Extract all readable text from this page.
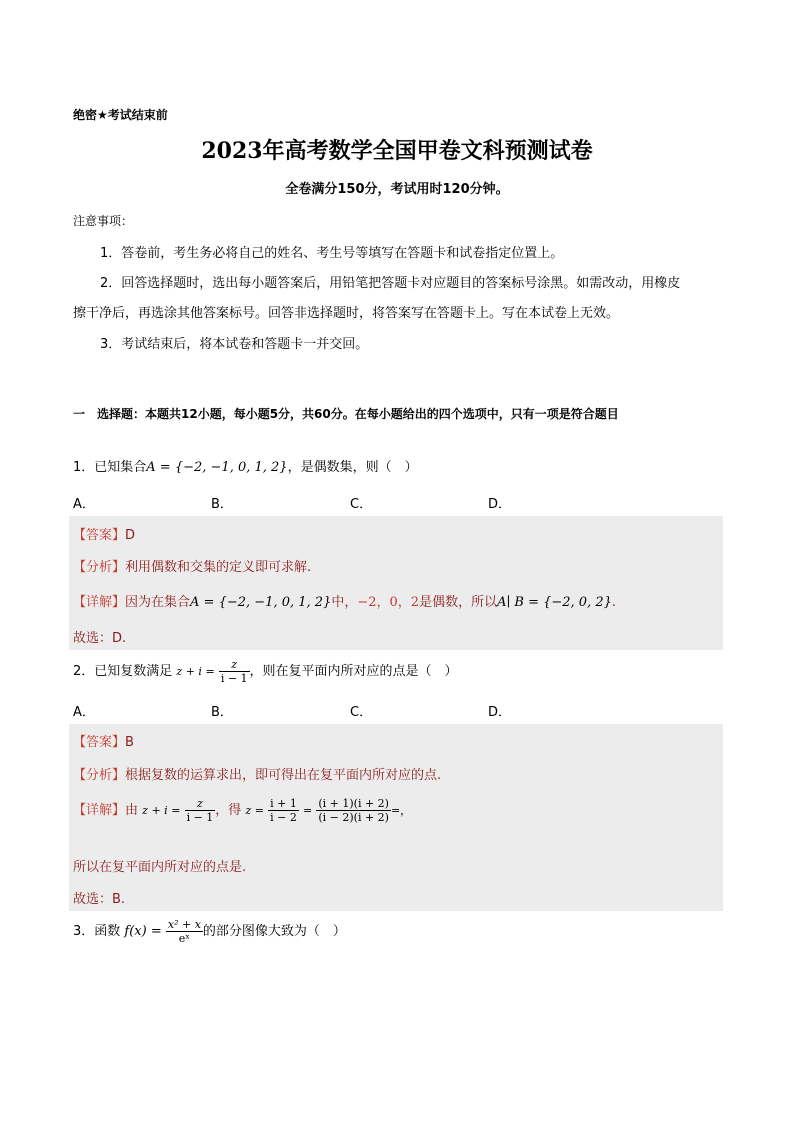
绝密★考试结束前
2023年高考数学全国甲卷文科预测试卷
全卷满分150分，考试用时120分钟。
注意事项：
1．答卷前，考生务必将自己的姓名、考生号等填写在答题卡和试卷指定位置上。
2．回答选择题时，选出每小题答案后，用铅笔把答题卡对应题目的答案标号涂黑。如需改动，用橡皮
擦干净后，再选涂其他答案标号。回答非选择题时，将答案写在答题卡上。写在本试卷上无效。
3．考试结束后，将本试卷和答题卡一并交回。
一　选择题：本题共12小题，每小题5分，共60分。在每小题给出的四个选项中，只有一项是符合题目
1．已知集合A = {−2, −1, 0, 1, 2}，是偶数集，则（　）
A．	B．	C．	D．
【答案】D
【分析】利用偶数和交集的定义即可求解.
【详解】因为在集合A = {−2, −1, 0, 1, 2}中，−2，0，2是偶数，所以A∣ B = {−2, 0, 2}.
故选：D.
2．已知复数满足 $z + i = \frac{z}{i - 1}$ ，则在复平面内所对应的点是（　）
A．	B．	C．	D．
【答案】B
【分析】根据复数的运算求出，即可得出在复平面内所对应的点.
【详解】由 $z + i = \frac{z}{i - 1}$ ，得 $z = \frac{i + 1}{i - 2} = \frac{(i + 1)(i + 2)}{(i - 2)(i + 2)}$ =，
所以在复平面内所对应的点是.
故选：B.
3．函数 $f(x) = \frac{\text{x² + x}}{\text{eˣ}}$ 的部分图像大致为（　）
